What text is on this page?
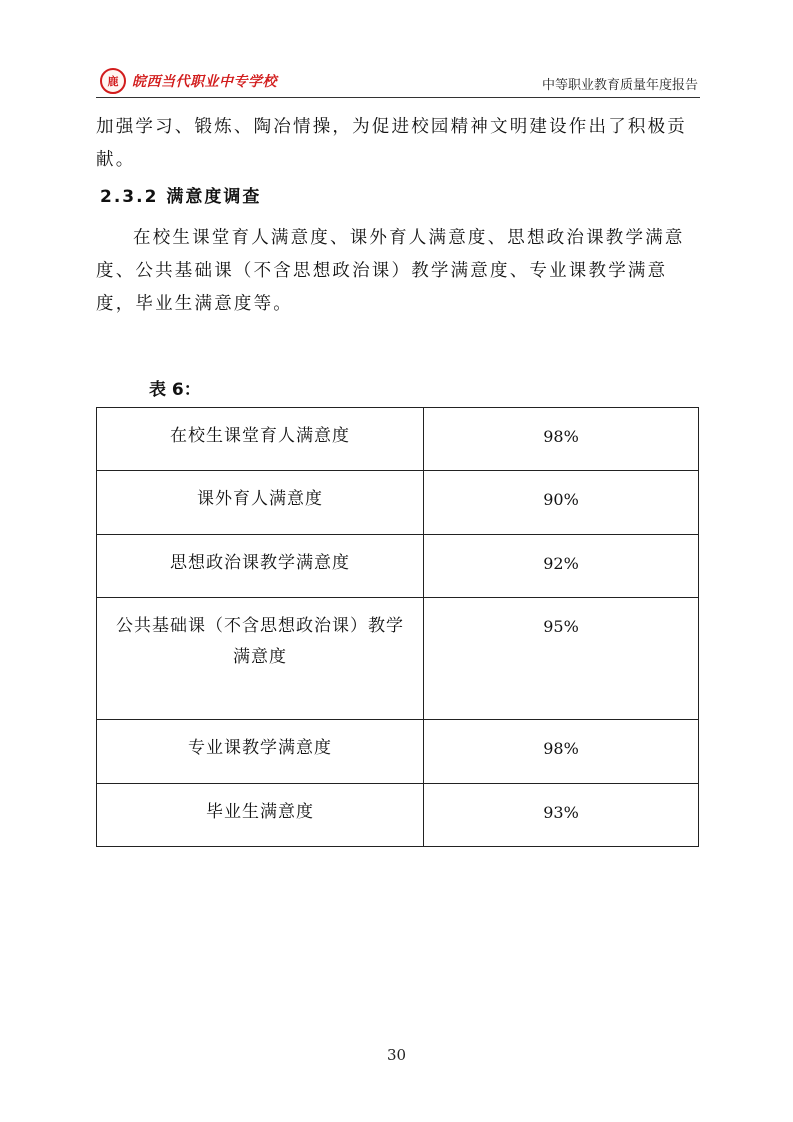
鹿 皖西当代职业中专学校	中等职业教育质量年度报告

加强学习、锻炼、陶冶情操，为促进校园精神文明建设作出了积极贡献。

2.3.2 满意度调查

在校生课堂育人满意度、课外育人满意度、思想政治课教学满意度、公共基础课（不含思想政治课）教学满意度、专业课教学满意度，毕业生满意度等。

表 6：
在校生课堂育人满意度	98%
课外育人满意度	90%
思想政治课教学满意度	92%
公共基础课（不含思想政治课）教学满意度	95%
专业课教学满意度	98%
毕业生满意度	93%
30
